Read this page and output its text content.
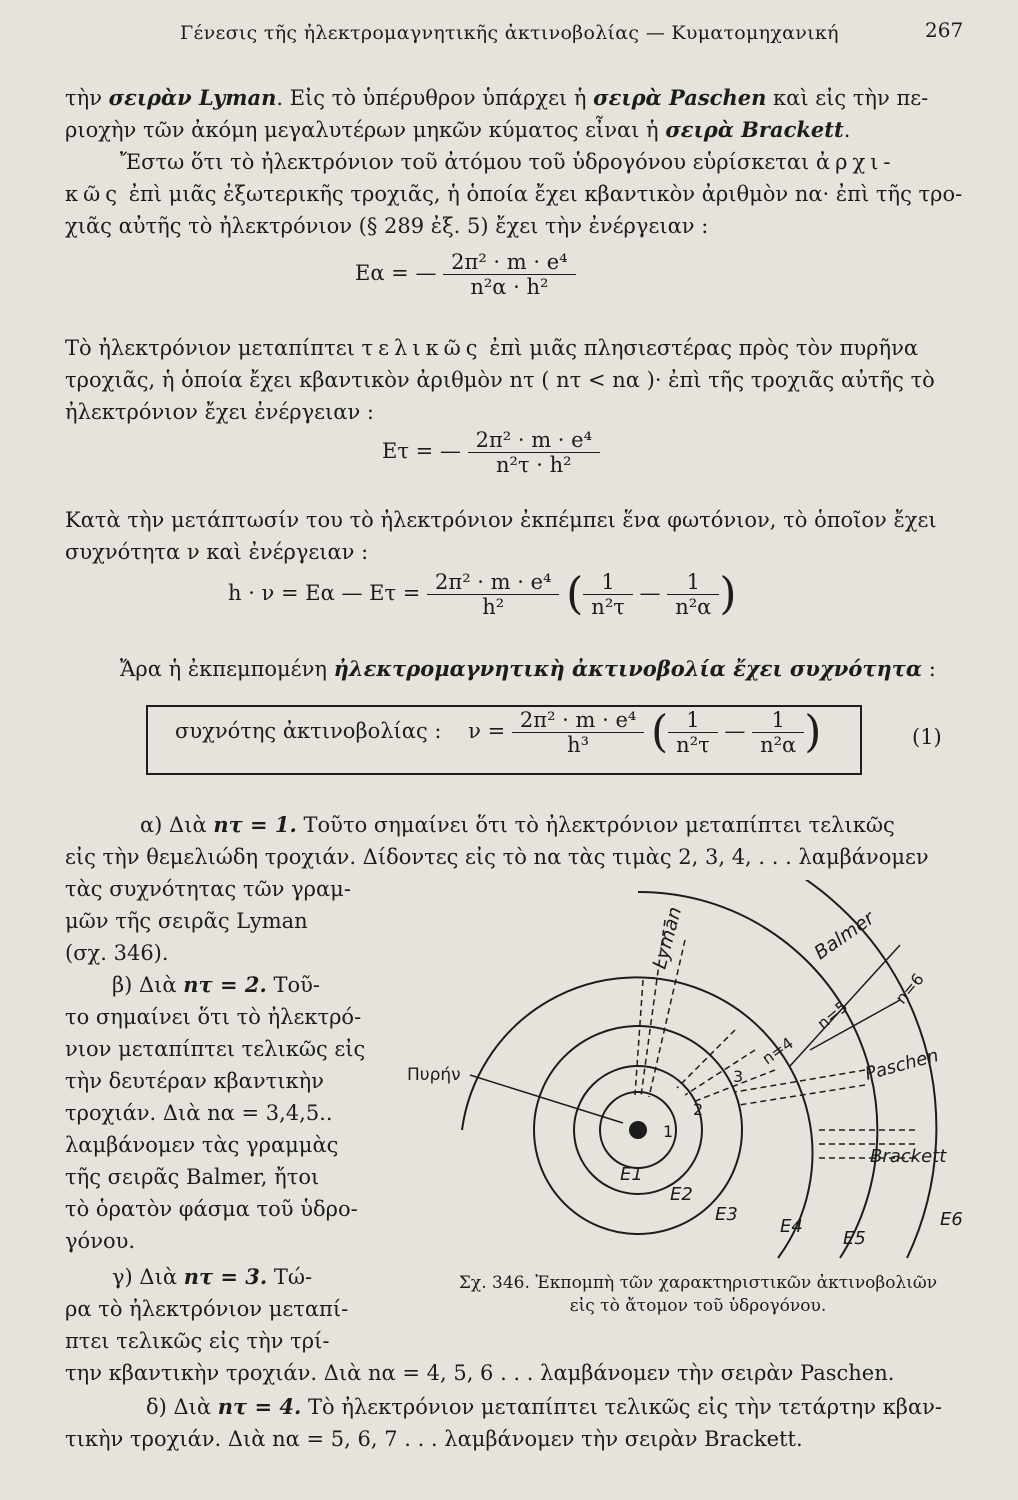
Γένεσις τῆς ἠλεκτρομαγνητικῆς ἀκτινοβολίας — Κυματομηχανική	267
τὴν σειρὰν Lyman. Εἰς τὸ ὑπέρυθρον ὑπάρχει ἡ σειρὰ Paschen καὶ εἰς τὴν πε-
ριοχὴν τῶν ἀκόμη μεγαλυτέρων μηκῶν κύματος εἶναι ἡ σειρὰ Brackett.
Ἔστω ὅτι τὸ ἠλεκτρόνιον τοῦ ἀτόμου τοῦ ὑδρογόνου εὑρίσκεται ἀρχι-
κῶς ἐπὶ μιᾶς ἐξωτερικῆς τροχιᾶς, ἡ ὁποία ἔχει κβαντικὸν ἀριθμὸν nα· ἐπὶ τῆς τρο-
χιᾶς αὐτῆς τὸ ἠλεκτρόνιον (§ 289 ἐξ. 5) ἔχει τὴν ἐνέργειαν :
Eα = — $\frac{\text{2π² · m · e⁴}}{\text{n²α · h²}}$
Τὸ ἠλεκτρόνιον μεταπίπτει τελικῶς ἐπὶ μιᾶς πλησιεστέρας πρὸς τὸν πυρῆνα
τροχιᾶς, ἡ ὁποία ἔχει κβαντικὸν ἀριθμὸν nτ ( nτ < nα )· ἐπὶ τῆς τροχιᾶς αὐτῆς τὸ
ἠλεκτρόνιον ἔχει ἐνέργειαν :
Eτ = — $\frac{\text{2π² · m · e⁴}}{\text{n²τ · h²}}$
Κατὰ τὴν μετάπτωσίν του τὸ ἠλεκτρόνιον ἐκπέμπει ἕνα φωτόνιον, τὸ ὁποῖον ἔχει
συχνότητα ν καὶ ἐνέργειαν :
h · ν = Eα — $E\tau = \frac{\text{2π² · m · e⁴}}{\text{h²}}$ ( $\frac{1}{\text{n²τ}}$ — $\frac{1}{\text{n²α}}$ )
Ἄρα ἡ ἐκπεμπομένη ἠλεκτρομαγνητικὴ ἀκτινοβολία ἔχει συχνότητα :
συχνότης ἀκτινοβολίας : $\nu = \frac{\text{2π² · m · e⁴}}{\text{h³}}$ ( $\frac{1}{\text{n²τ}}$ — $\frac{1}{\text{n²α}}$ )	(1)
α) Διὰ nτ = 1. Τοῦτο σημαίνει ὅτι τὸ ἠλεκτρόνιον μεταπίπτει τελικῶς
εἰς τὴν θεμελιώδη τροχιάν. Δίδοντες εἰς τὸ nα τὰς τιμὰς 2, 3, 4, . . . λαμβάνομεν
τὰς συχνότητας τῶν γραμ-
μῶν τῆς σειρᾶς Lyman
(σχ. 346).
β) Διὰ nτ = 2. Τοῦ-
το σημαίνει ὅτι τὸ ἠλεκτρό-
νιον μεταπίπτει τελικῶς εἰς
τὴν δευτέραν κβαντικὴν
τροχιάν. Διὰ nα = 3,4,5..
λαμβάνομεν τὰς γραμμὰς
τῆς σειρᾶς Balmer, ἤτοι
τὸ ὁρατὸν φάσμα τοῦ ὑδρο-
γόνου.
γ) Διὰ nτ = 3. Τώ-
ρα τὸ ἠλεκτρόνιον μεταπί-
πτει τελικῶς εἰς τὴν τρί-
την κβαντικὴν τροχιάν. Διὰ nα = 4, 5, 6 . . . λαμβάνομεν τὴν σειρὰν Paschen.
δ) Διὰ nτ = 4. Τὸ ἠλεκτρόνιον μεταπίπτει τελικῶς εἰς τὴν τετάρτην κβαν-
τικὴν τροχιάν. Διὰ nα = 5, 6, 7 . . . λαμβάνομεν τὴν σειρὰν Brackett.
Πυρήν
Lyman	Balmer
Paschen
Brackett
1
2
3
n=4
n=5
n=6
E1
E2
E3
E4
E5
E6
Σχ. 346. Ἐκπομπὴ τῶν χαρακτηριστικῶν ἀκτινοβολιῶν
εἰς τὸ ἄτομον τοῦ ὑδρογόνου.
